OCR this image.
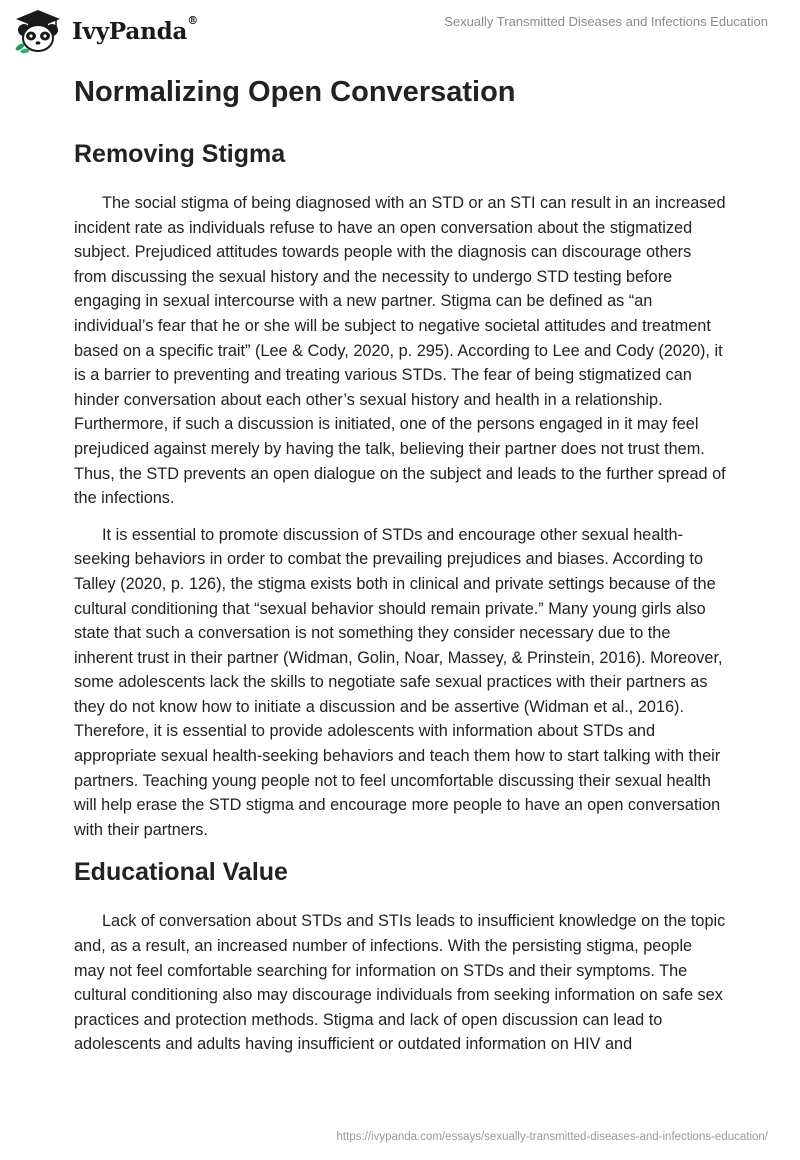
IvyPanda®	Sexually Transmitted Diseases and Infections Education
Normalizing Open Conversation
Removing Stigma

The social stigma of being diagnosed with an STD or an STI can result in an increased incident rate as individuals refuse to have an open conversation about the stigmatized subject. Prejudiced attitudes towards people with the diagnosis can discourage others from discussing the sexual history and the necessity to undergo STD testing before engaging in sexual intercourse with a new partner. Stigma can be defined as “an individual’s fear that he or she will be subject to negative societal attitudes and treatment based on a specific trait” (Lee & Cody, 2020, p. 295). According to Lee and Cody (2020), it is a barrier to preventing and treating various STDs. The fear of being stigmatized can hinder conversation about each other’s sexual history and health in a relationship. Furthermore, if such a discussion is initiated, one of the persons engaged in it may feel prejudiced against merely by having the talk, believing their partner does not trust them. Thus, the STD prevents an open dialogue on the subject and leads to the further spread of the infections.

It is essential to promote discussion of STDs and encourage other sexual health-seeking behaviors in order to combat the prevailing prejudices and biases. According to Talley (2020, p. 126), the stigma exists both in clinical and private settings because of the cultural conditioning that “sexual behavior should remain private.” Many young girls also state that such a conversation is not something they consider necessary due to the inherent trust in their partner (Widman, Golin, Noar, Massey, & Prinstein, 2016). Moreover, some adolescents lack the skills to negotiate safe sexual practices with their partners as they do not know how to initiate a discussion and be assertive (Widman et al., 2016). Therefore, it is essential to provide adolescents with information about STDs and appropriate sexual health-seeking behaviors and teach them how to start talking with their partners. Teaching young people not to feel uncomfortable discussing their sexual health will help erase the STD stigma and encourage more people to have an open conversation with their partners.

Educational Value

Lack of conversation about STDs and STIs leads to insufficient knowledge on the topic and, as a result, an increased number of infections. With the persisting stigma, people may not feel comfortable searching for information on STDs and their symptoms. The cultural conditioning also may discourage individuals from seeking information on safe sex practices and protection methods. Stigma and lack of open discussion can lead to adolescents and adults having insufficient or outdated information on HIV and

https://ivypanda.com/essays/sexually-transmitted-diseases-and-infections-education/
